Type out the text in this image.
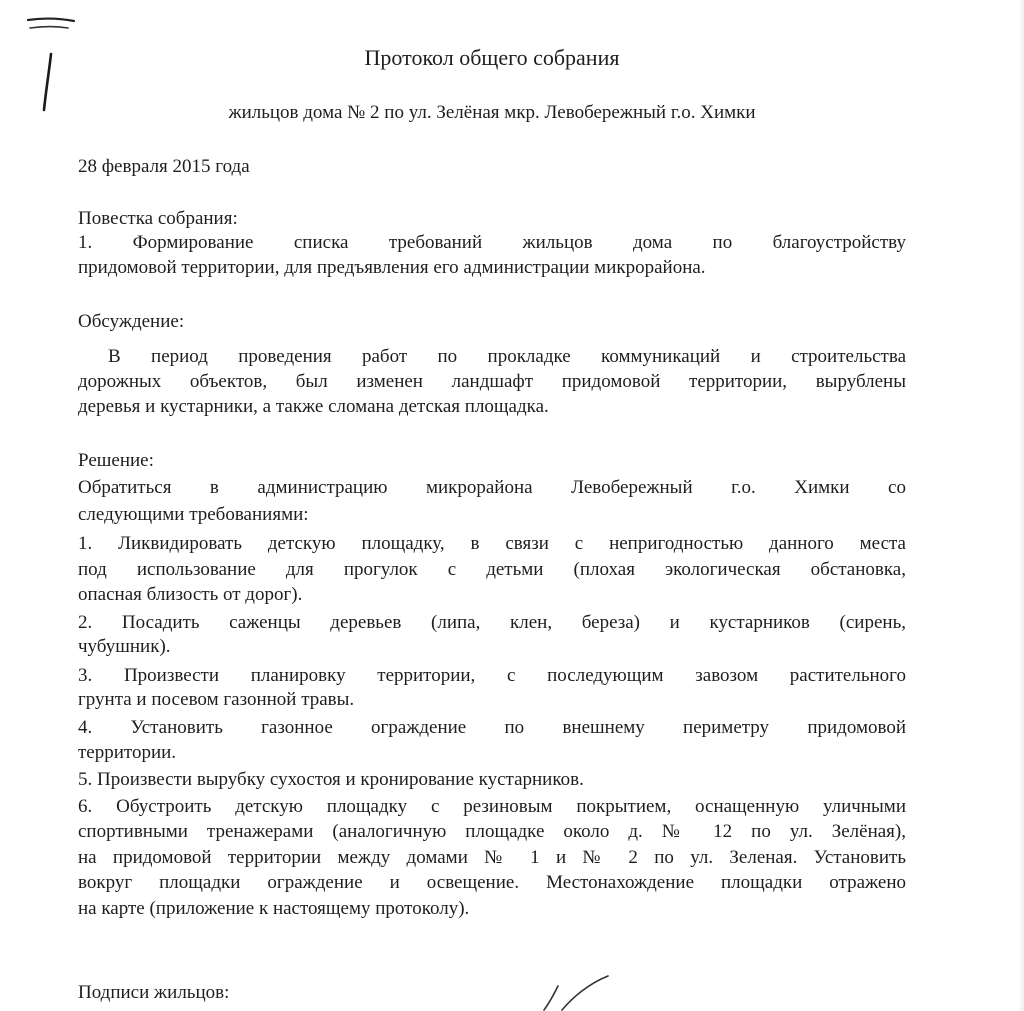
Протокол общего собрания
жильцов дома № 2 по ул. Зелёная мкр. Левобережный г.о. Химки
28 февраля 2015 года
Повестка собрания:
1. Формирование списка требований жильцов дома по благоустройству
придомовой территории, для предъявления его администрации микрорайона.
Обсуждение:
В период проведения работ по прокладке коммуникаций и строительства
дорожных объектов, был изменен ландшафт придомовой территории, вырублены
деревья и кустарники, а также сломана детская площадка.
Решение:
Обратиться в администрацию микрорайона Левобережный г.о. Химки со
следующими требованиями:
1. Ликвидировать детскую площадку, в связи с непригодностью данного места
под использование для прогулок с детьми (плохая экологическая обстановка,
опасная близость от дорог).
2. Посадить саженцы деревьев (липа, клен, береза) и кустарников (сирень,
чубушник).
3. Произвести планировку территории, с последующим завозом растительного
грунта и посевом газонной травы.
4. Установить газонное ограждение по внешнему периметру придомовой
территории.
5. Произвести вырубку сухостоя и кронирование кустарников.
6. Обустроить детскую площадку с резиновым покрытием, оснащенную уличными
спортивными тренажерами (аналогичную площадке около д. № 12 по ул. Зелёная),
на придомовой территории между домами № 1 и № 2 по ул. Зеленая. Установить
вокруг площадки ограждение и освещение. Местонахождение площадки отражено
на карте (приложение к настоящему протоколу).
Подписи жильцов:
